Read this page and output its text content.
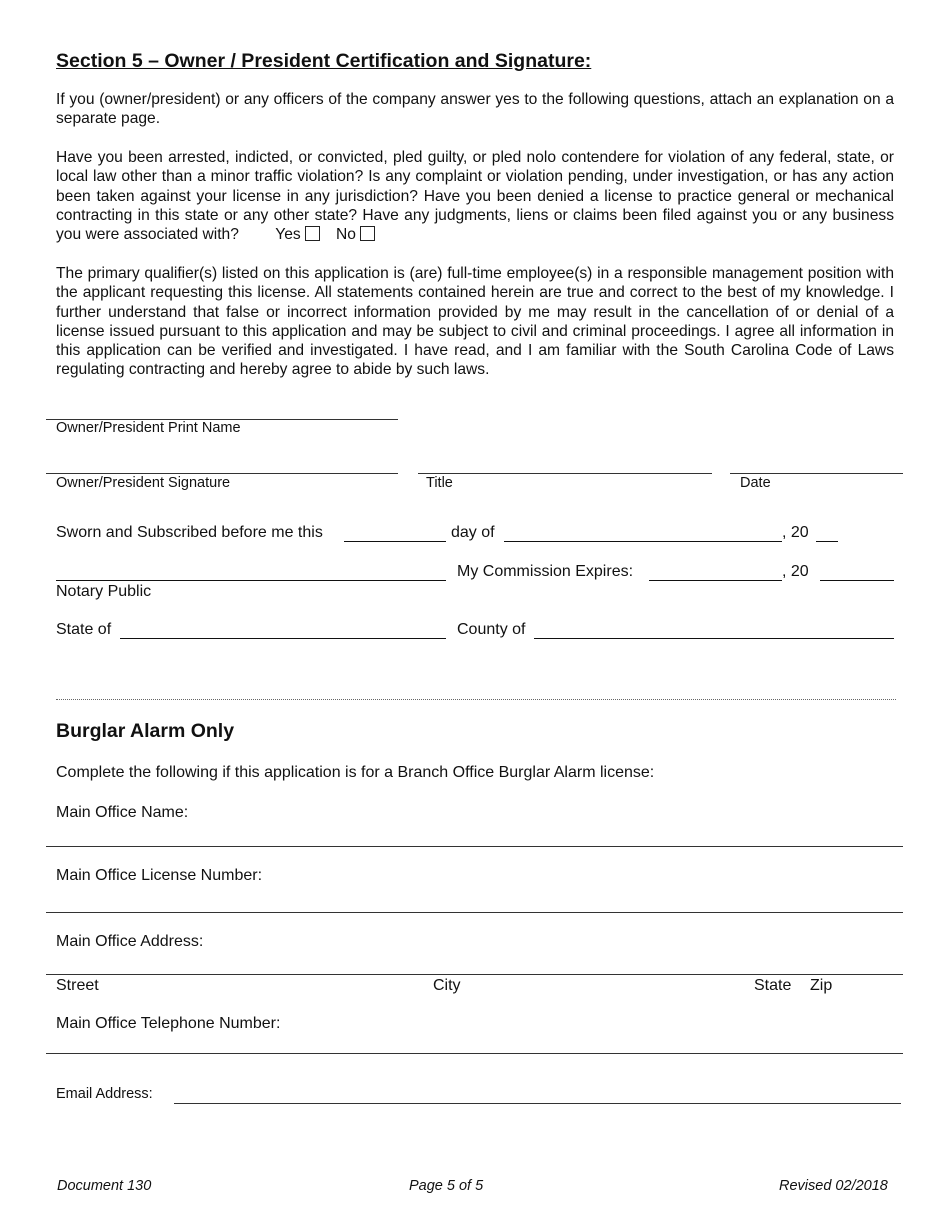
Section 5 – Owner / President Certification and Signature:
If you (owner/president) or any officers of the company answer yes to the following questions, attach an explanation on a separate page.
Have you been arrested, indicted, or convicted, pled guilty, or pled nolo contendere for violation of any federal, state, or local law other than a minor traffic violation? Is any complaint or violation pending, under investigation, or has any action been taken against your license in any jurisdiction? Have you been denied a license to practice general or mechanical contracting in this state or any other state? Have any judgments, liens or claims been filed against you or any business you were associated with? Yes No
The primary qualifier(s) listed on this application is (are) full-time employee(s) in a responsible management position with the applicant requesting this license. All statements contained herein are true and correct to the best of my knowledge. I further understand that false or incorrect information provided by me may result in the cancellation of or denial of a license issued pursuant to this application and may be subject to civil and criminal proceedings. I agree all information in this application can be verified and investigated. I have read, and I am familiar with the South Carolina Code of Laws regulating contracting and hereby agree to abide by such laws.
Owner/President Print Name
Owner/President Signature	Title	Date
Sworn and Subscribed before me this	day of	, 20
My Commission Expires:	, 20
Notary Public
State of	County of
Burglar Alarm Only
Complete the following if this application is for a Branch Office Burglar Alarm license:
Main Office Name:
Main Office License Number:
Main Office Address:
Street	City	State Zip
Main Office Telephone Number:
Email Address:
Document 130	Page 5 of 5	Revised 02/2018
